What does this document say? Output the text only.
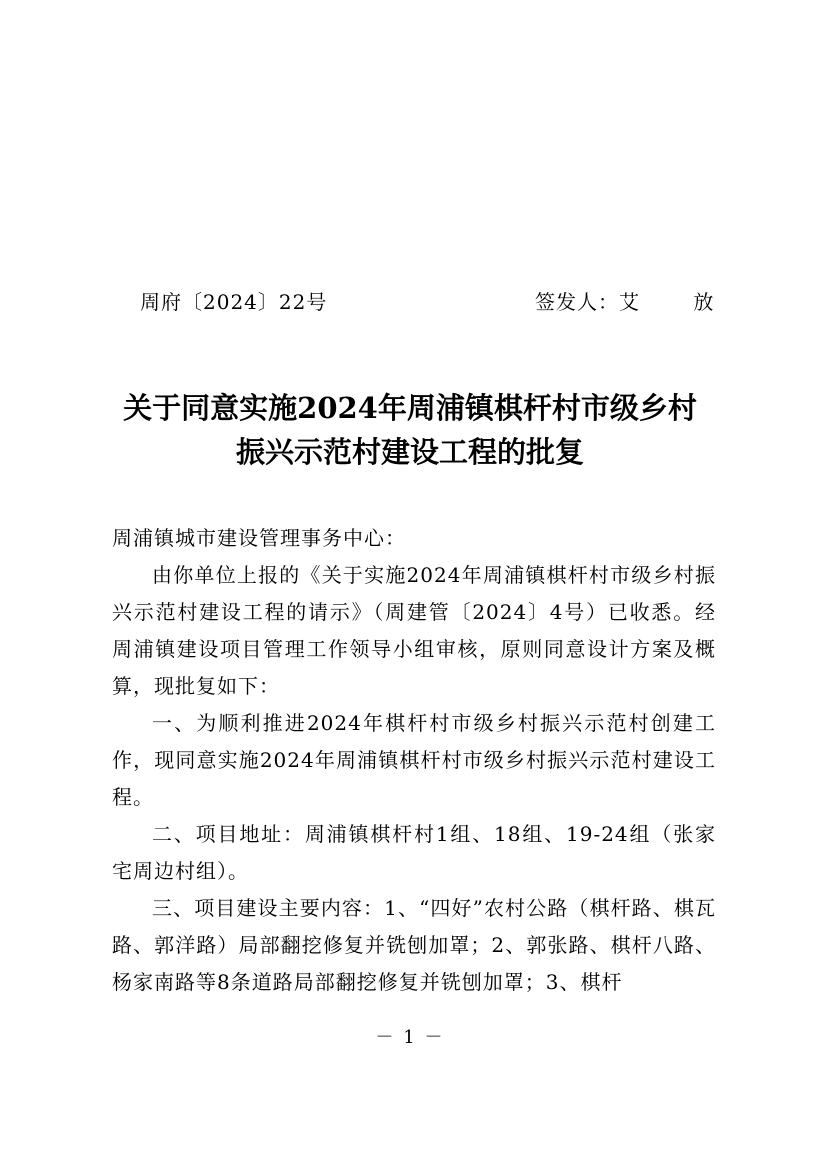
周府〔2024〕22号	签发人：艾 放
关于同意实施2024年周浦镇棋杆村市级乡村
振兴示范村建设工程的批复

周浦镇城市建设管理事务中心：

由你单位上报的《关于实施2024年周浦镇棋杆村市级乡村振兴示范村建设工程的请示》（周建管〔2024〕4号）已收悉。经周浦镇建设项目管理工作领导小组审核，原则同意设计方案及概算，现批复如下：

一、为顺利推进2024年棋杆村市级乡村振兴示范村创建工作，现同意实施2024年周浦镇棋杆村市级乡村振兴示范村建设工程。

二、项目地址：周浦镇棋杆村1组、18组、19-24组（张家宅周边村组）。

三、项目建设主要内容：1、“四好”农村公路（棋杆路、棋瓦路、郭洋路）局部翻挖修复并铣刨加罩；2、郭张路、棋杆八路、杨家南路等8条道路局部翻挖修复并铣刨加罩；3、棋杆

－ 1 －
